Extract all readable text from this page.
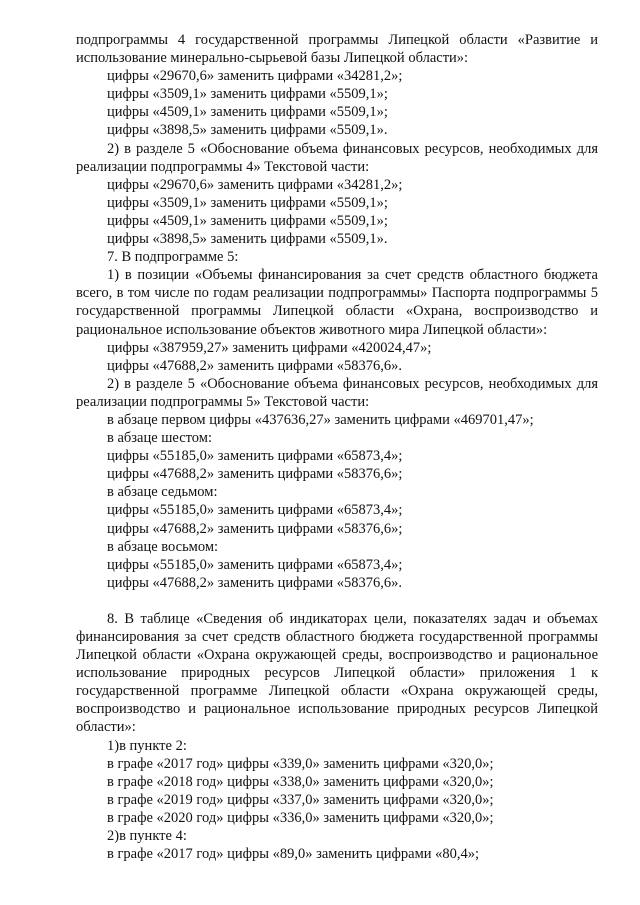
подпрограммы 4 государственной программы Липецкой области «Развитие и использование минерально-сырьевой базы Липецкой области»:

цифры «29670,6» заменить цифрами «34281,2»;

цифры «3509,1» заменить цифрами «5509,1»;

цифры «4509,1» заменить цифрами «5509,1»;

цифры «3898,5» заменить цифрами «5509,1».

2) в разделе 5 «Обоснование объема финансовых ресурсов, необходимых для реализации подпрограммы 4» Текстовой части:

цифры «29670,6» заменить цифрами «34281,2»;

цифры «3509,1» заменить цифрами «5509,1»;

цифры «4509,1» заменить цифрами «5509,1»;

цифры «3898,5» заменить цифрами «5509,1».

7. В подпрограмме 5:

1) в позиции «Объемы финансирования за счет средств областного бюджета всего, в том числе по годам реализации подпрограммы» Паспорта подпрограммы 5 государственной программы Липецкой области «Охрана, воспроизводство и рациональное использование объектов животного мира Липецкой области»:

цифры «387959,27» заменить цифрами «420024,47»;

цифры «47688,2» заменить цифрами «58376,6».

2) в разделе 5 «Обоснование объема финансовых ресурсов, необходимых для реализации подпрограммы 5» Текстовой части:

в абзаце первом цифры «437636,27» заменить цифрами «469701,47»;

в абзаце шестом:

цифры «55185,0» заменить цифрами «65873,4»;

цифры «47688,2» заменить цифрами «58376,6»;

в абзаце седьмом:

цифры «55185,0» заменить цифрами «65873,4»;

цифры «47688,2» заменить цифрами «58376,6»;

в абзаце восьмом:

цифры «55185,0» заменить цифрами «65873,4»;

цифры «47688,2» заменить цифрами «58376,6».

8. В таблице «Сведения об индикаторах цели, показателях задач и объемах финансирования за счет средств областного бюджета государственной программы Липецкой области «Охрана окружающей среды, воспроизводство и рациональное использование природных ресурсов Липецкой области» приложения 1 к государственной программе Липецкой области «Охрана окружающей среды, воспроизводство и рациональное использование природных ресурсов Липецкой области»:

1)в пункте 2:

в графе «2017 год» цифры «339,0» заменить цифрами «320,0»;

в графе «2018 год» цифры «338,0» заменить цифрами «320,0»;

в графе «2019 год» цифры «337,0» заменить цифрами «320,0»;

в графе «2020 год» цифры «336,0» заменить цифрами «320,0»;

2)в пункте 4:

в графе «2017 год» цифры «89,0» заменить цифрами «80,4»;
